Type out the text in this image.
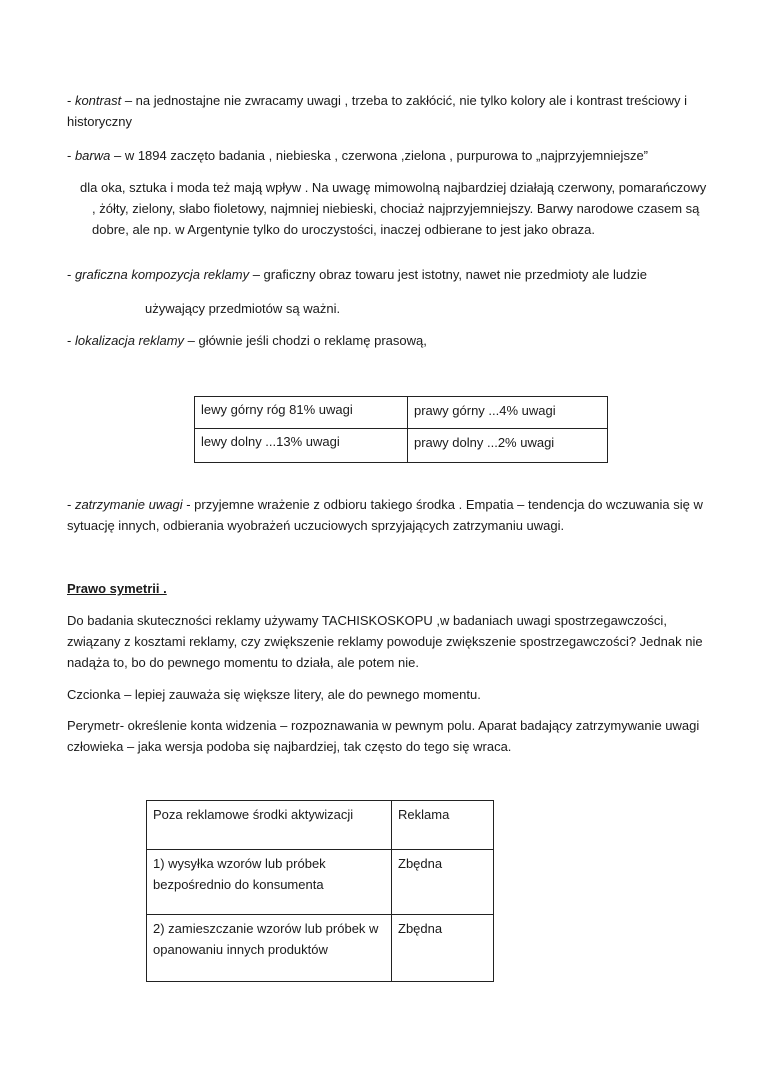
- kontrast – na jednostajne nie zwracamy uwagi , trzeba to zakłócić, nie tylko kolory ale i kontrast treściowy i historyczny

- barwa – w 1894 zaczęto badania , niebieska , czerwona ,zielona , purpurowa to „najprzyjemniejsze”

dla oka, sztuka i moda też mają wpływ . Na uwagę mimowolną najbardziej działają czerwony, pomarańczowy , żółty, zielony, słabo fioletowy, najmniej niebieski, chociaż najprzyjemniejszy. Barwy narodowe czasem są dobre, ale np. w Argentynie tylko do uroczystości, inaczej odbierane to jest jako obraza.

- graficzna kompozycja reklamy – graficzny obraz towaru jest istotny, nawet nie przedmioty ale ludzie

używający przedmiotów są ważni.

- lokalizacja reklamy – głównie jeśli chodzi o reklamę prasową,

lewy górny róg 81% uwagi	prawy górny ...4% uwagi
lewy dolny ...13% uwagi	prawy dolny ...2% uwagi

- zatrzymanie uwagi - przyjemne wrażenie z odbioru takiego środka . Empatia – tendencja do wczuwania się w sytuację innych, odbierania wyobrażeń uczuciowych sprzyjających zatrzymaniu uwagi.

Prawo symetrii .

Do badania skuteczności reklamy używamy TACHISKOSKOPU ,w badaniach uwagi spostrzegawczości, związany z kosztami reklamy, czy zwiększenie reklamy powoduje zwiększenie spostrzegawczości? Jednak nie nadąża to, bo do pewnego momentu to działa, ale potem nie.

Czcionka – lepiej zauważa się większe litery, ale do pewnego momentu.

Perymetr- określenie konta widzenia – rozpoznawania w pewnym polu. Aparat badający zatrzymywanie uwagi człowieka – jaka wersja podoba się najbardziej, tak często do tego się wraca.

Poza reklamowe środki aktywizacji	Reklama
1) wysyłka wzorów lub próbek bezpośrednio do konsumenta	Zbędna
2) zamieszczanie wzorów lub próbek w opanowaniu innych produktów	Zbędna
